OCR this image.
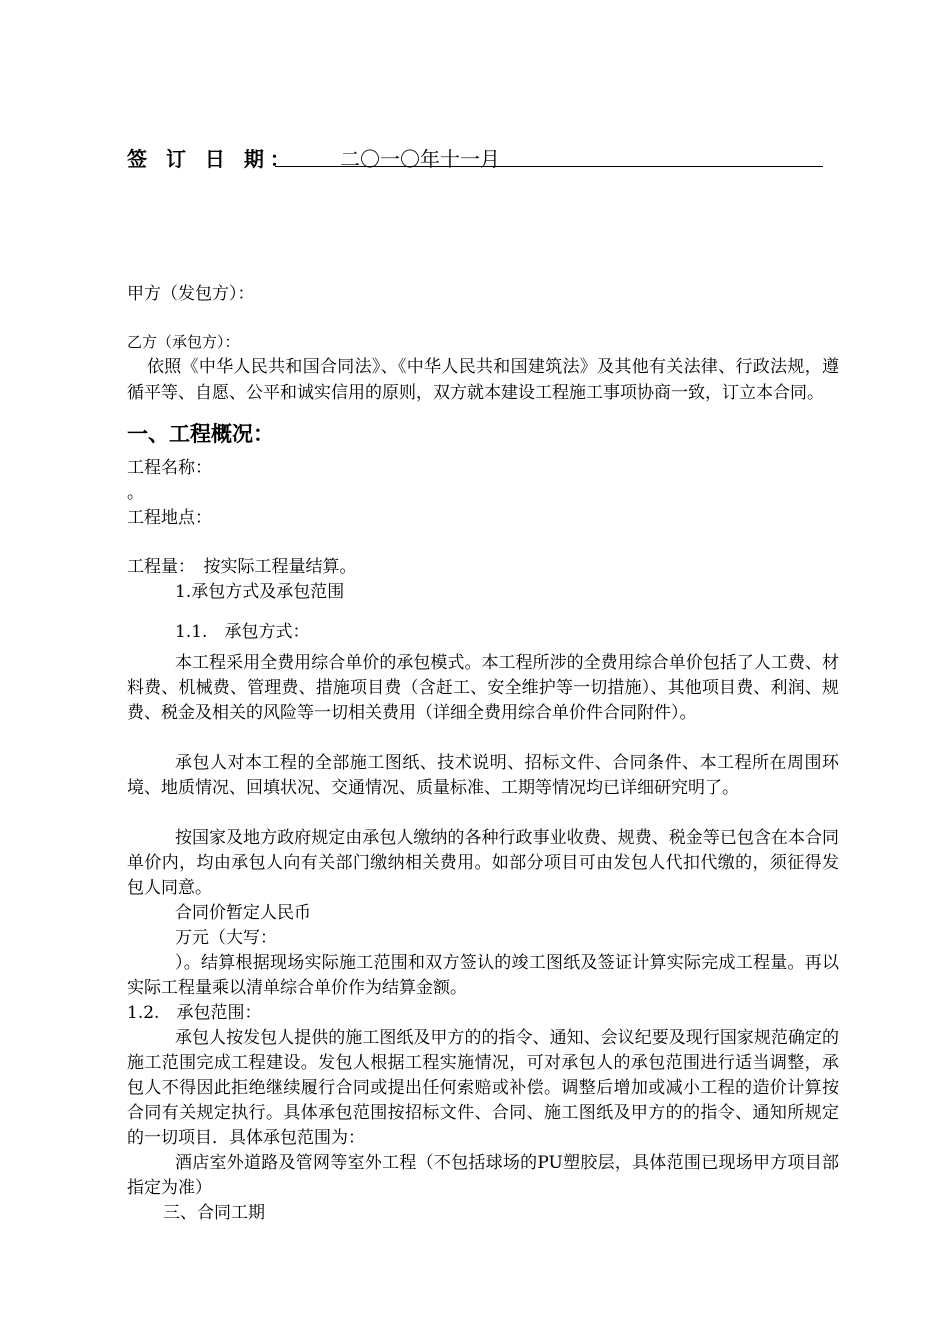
签 订 日 期： 二〇一〇年十一月
甲方（发包方）：
乙方（承包方）：
依照《中华人民共和国合同法》、《中华人民共和国建筑法》及其他有关法律、行政法规，遵循平等、自愿、公平和诚实信用的原则，双方就本建设工程施工事项协商一致，订立本合同。
一、工程概况：
工程名称：
。
工程地点：
工程量：　按实际工程量结算。
1.承包方式及承包范围
1.1.　承包方式：
本工程采用全费用综合单价的承包模式。本工程所涉的全费用综合单价包括了人工费、材料费、机械费、管理费、措施项目费（含赶工、安全维护等一切措施）、其他项目费、利润、规费、税金及相关的风险等一切相关费用（详细全费用综合单价件合同附件）。
承包人对本工程的全部施工图纸、技术说明、招标文件、合同条件、本工程所在周围环境、地质情况、回填状况、交通情况、质量标准、工期等情况均已详细研究明了。
按国家及地方政府规定由承包人缴纳的各种行政事业收费、规费、税金等已包含在本合同单价内，均由承包人向有关部门缴纳相关费用。如部分项目可由发包人代扣代缴的，须征得发包人同意。
合同价暂定人民币
万元（大写：
）。结算根据现场实际施工范围和双方签认的竣工图纸及签证计算实际完成工程量。再以实际工程量乘以清单综合单价作为结算金额。
1.2.　承包范围：
承包人按发包人提供的施工图纸及甲方的的指令、通知、会议纪要及现行国家规范确定的施工范围完成工程建设。发包人根据工程实施情况，可对承包人的承包范围进行适当调整，承包人不得因此拒绝继续履行合同或提出任何索赔或补偿。调整后增加或减小工程的造价计算按合同有关规定执行。具体承包范围按招标文件、合同、施工图纸及甲方的的指令、通知所规定的一切项目．具体承包范围为：
酒店室外道路及管网等室外工程（不包括球场的PU塑胶层，具体范围已现场甲方项目部指定为准）
三、合同工期
